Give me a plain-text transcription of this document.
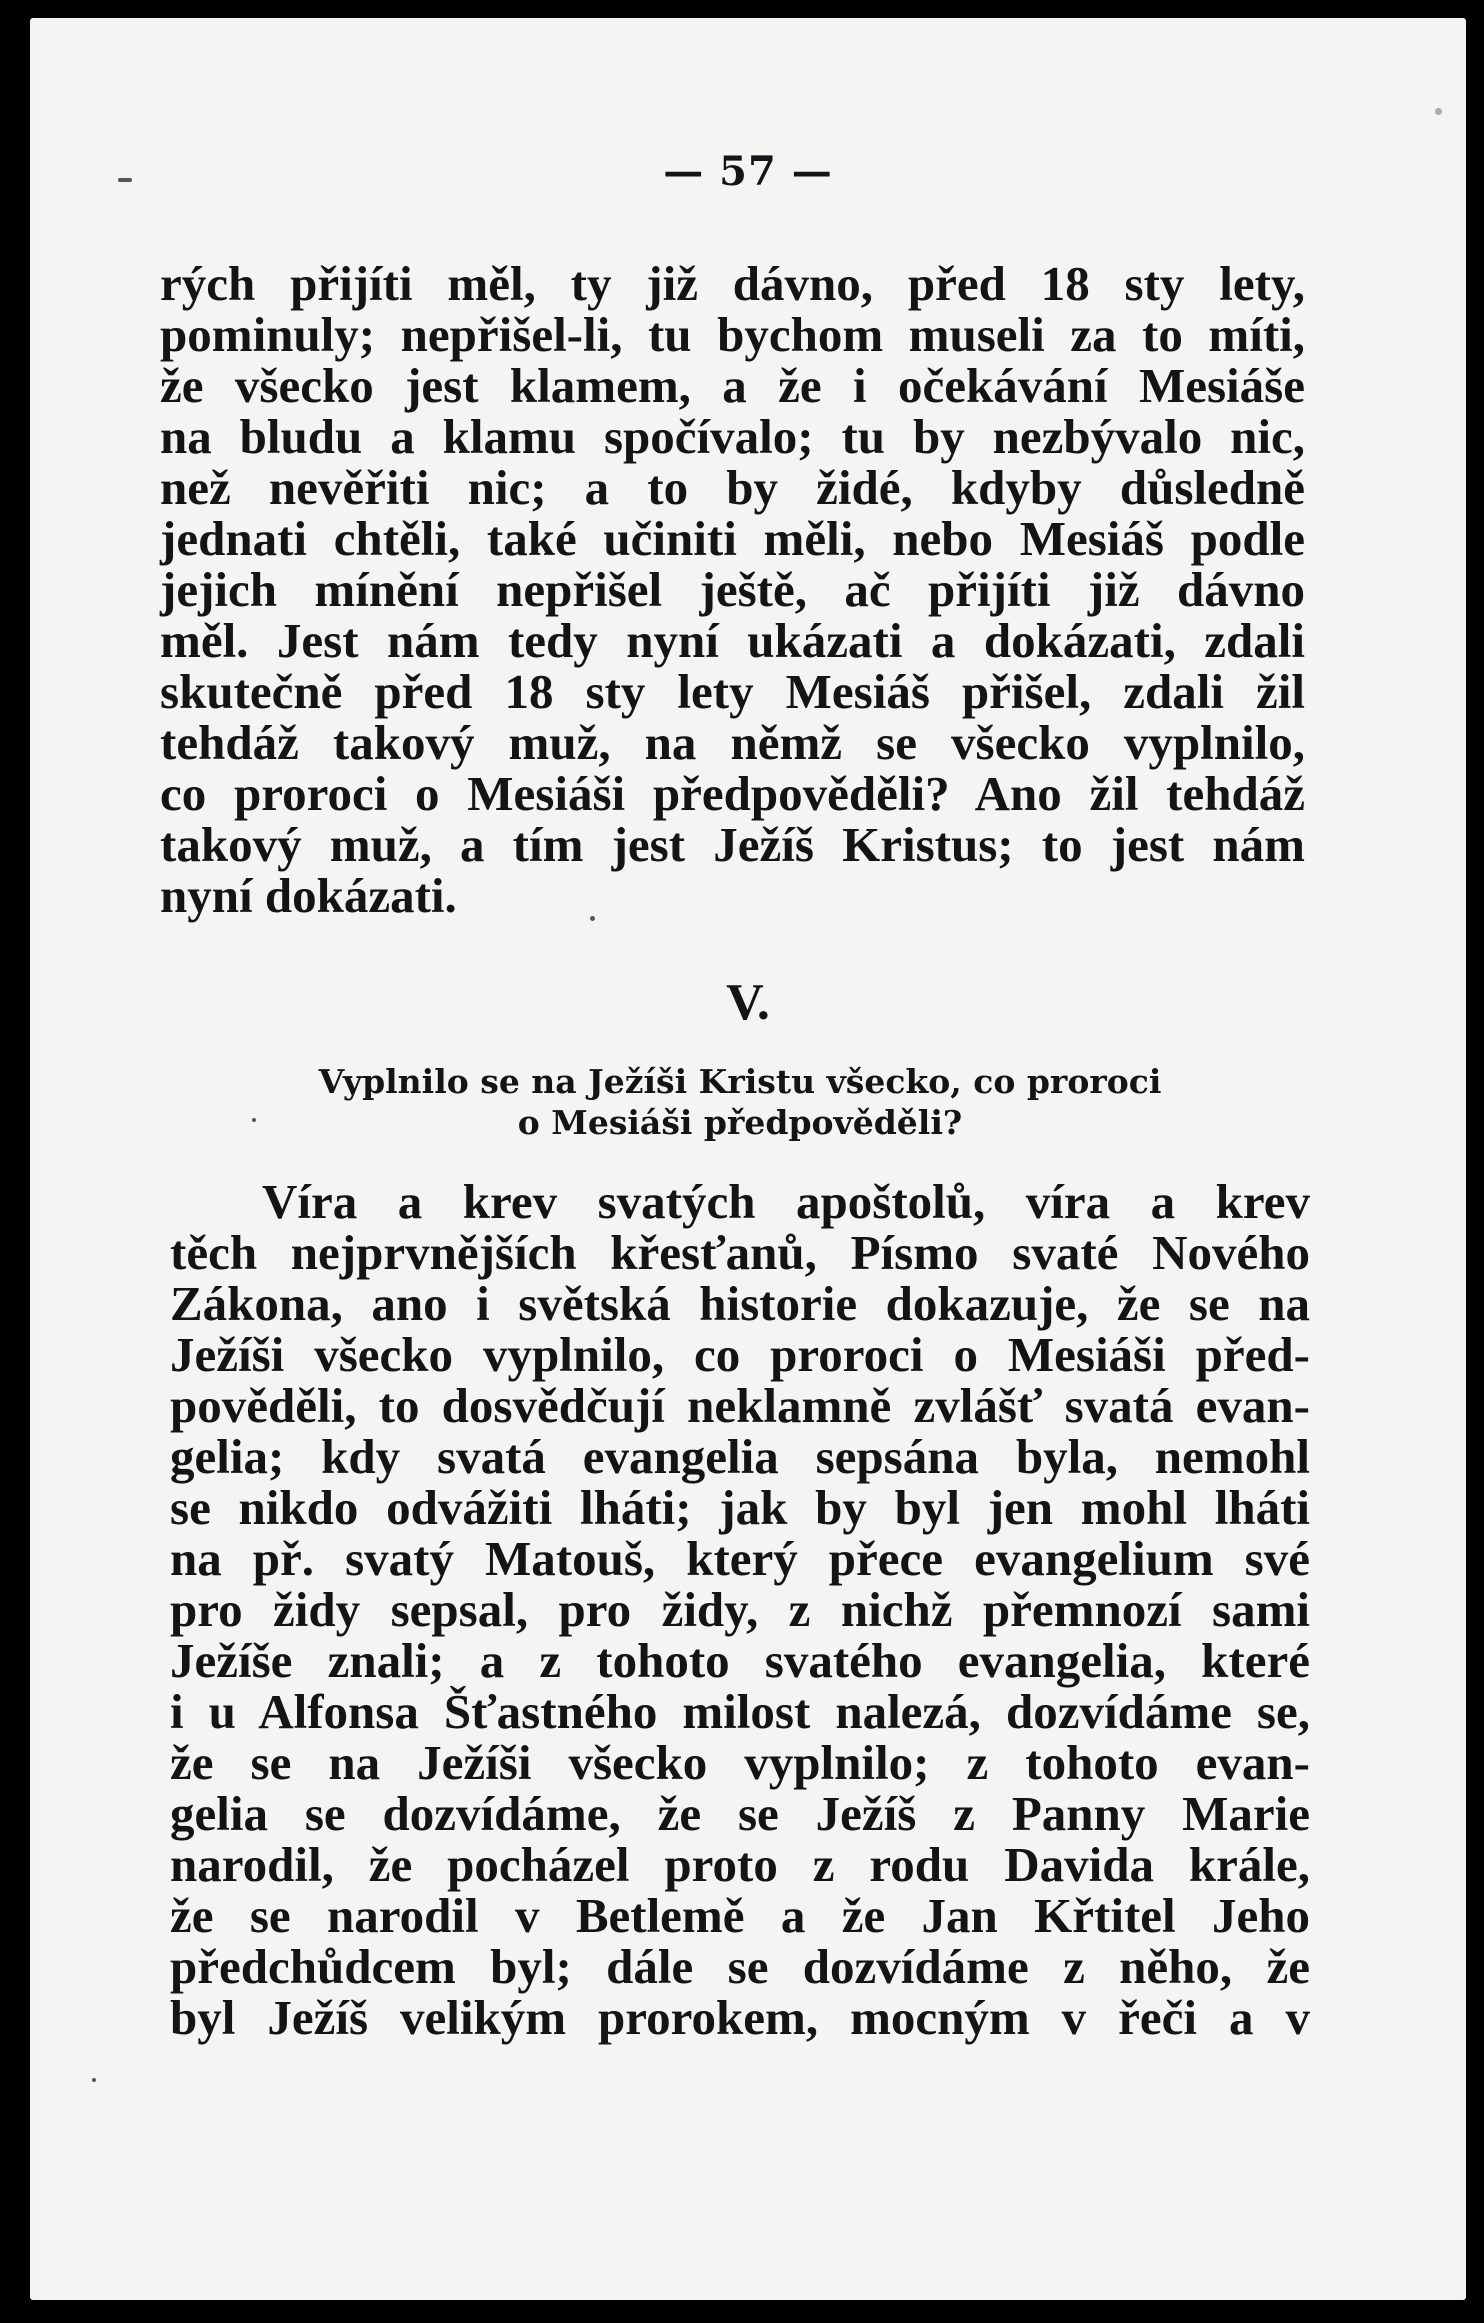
— 57 —
rých přijíti měl, ty již dávno, před 18 sty lety,
pominuly; nepřišel-li, tu bychom museli za to míti,
že všecko jest klamem, a že i očekávání Mesiáše
na bludu a klamu spočívalo; tu by nezbývalo nic,
než nevěřiti nic; a to by židé, kdyby důsledně
jednati chtěli, také učiniti měli, nebo Mesiáš podle
jejich mínění nepřišel ještě, ač přijíti již dávno
měl. Jest nám tedy nyní ukázati a dokázati, zdali
skutečně před 18 sty lety Mesiáš přišel, zdali žil
tehdáž takový muž, na němž se všecko vyplnilo,
co proroci o Mesiáši předpověděli? Ano žil tehdáž
takový muž, a tím jest Ježíš Kristus; to jest nám
nyní dokázati.
V.
Vyplnilo se na Ježíši Kristu všecko, co proroci
o Mesiáši předpověděli?
Víra a krev svatých apoštolů, víra a krev
těch nejprvnějších křesťanů, Písmo svaté Nového
Zákona, ano i světská historie dokazuje, že se na
Ježíši všecko vyplnilo, co proroci o Mesiáši před-
pověděli, to dosvědčují neklamně zvlášť svatá evan-
gelia; kdy svatá evangelia sepsána byla, nemohl
se nikdo odvážiti lháti; jak by byl jen mohl lháti
na př. svatý Matouš, který přece evangelium své
pro židy sepsal, pro židy, z nichž přemnozí sami
Ježíše znali; a z tohoto svatého evangelia, které
i u Alfonsa Šťastného milost nalezá, dozvídáme se,
že se na Ježíši všecko vyplnilo; z tohoto evan-
gelia se dozvídáme, že se Ježíš z Panny Marie
narodil, že pocházel proto z rodu Davida krále,
že se narodil v Betlemě a že Jan Křtitel Jeho
předchůdcem byl; dále se dozvídáme z něho, že
byl Ježíš velikým prorokem, mocným v řeči a v
